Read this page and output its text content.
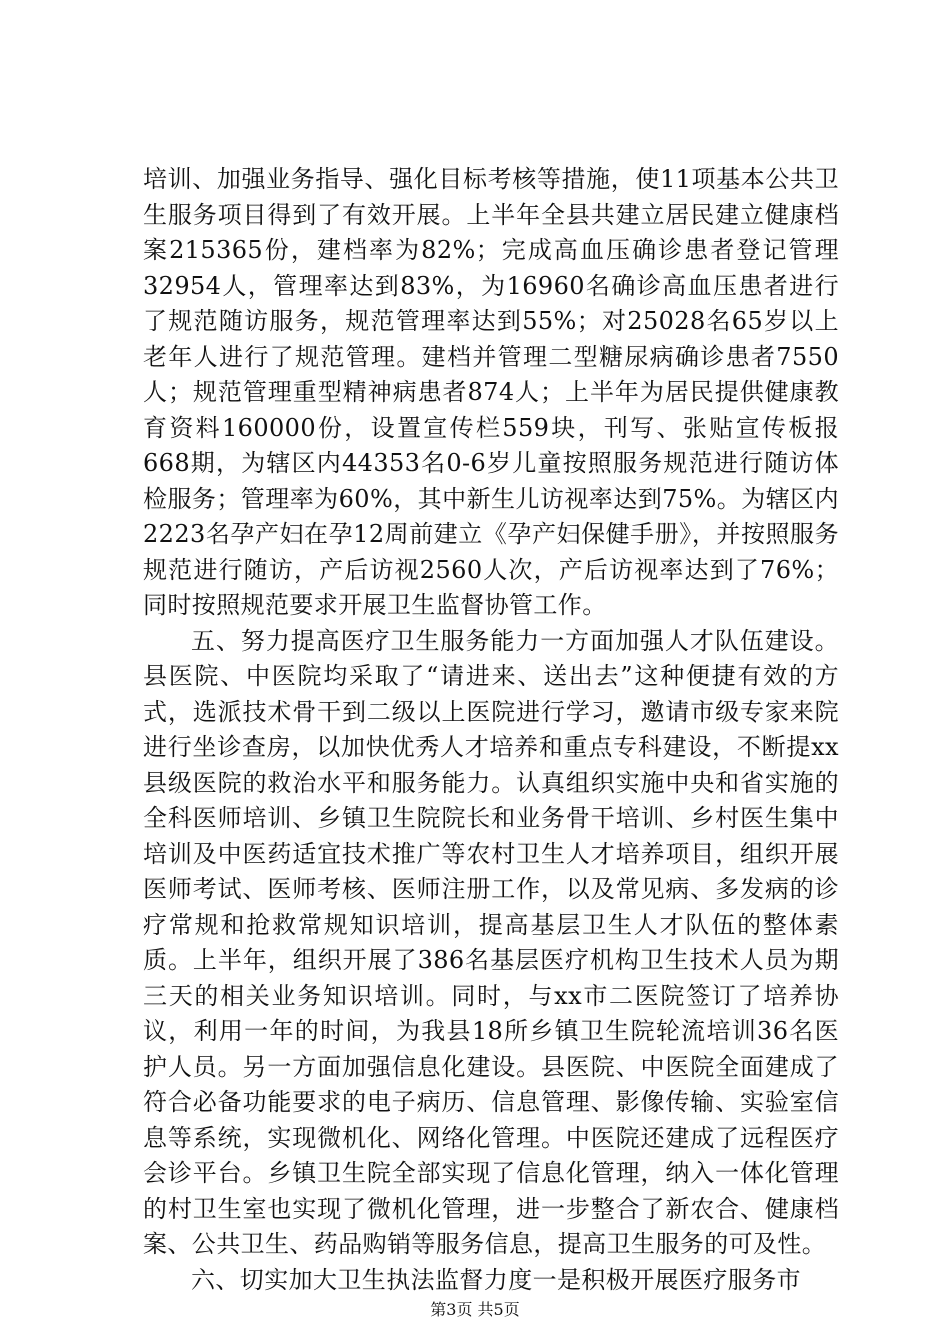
培训、加强业务指导、强化目标考核等措施，使11项基本公共卫生服务项目得到了有效开展。上半年全县共建立居民建立健康档案215365份，建档率为82%；完成高血压确诊患者登记管理32954人，管理率达到83%，为16960名确诊高血压患者进行了规范随访服务，规范管理率达到55%；对25028名65岁以上老年人进行了规范管理。建档并管理二型糖尿病确诊患者7550人；规范管理重型精神病患者874人；上半年为居民提供健康教育资料160000份，设置宣传栏559块，刊写、张贴宣传板报668期，为辖区内44353名0-6岁儿童按照服务规范进行随访体检服务；管理率为60%，其中新生儿访视率达到75%。为辖区内2223名孕产妇在孕12周前建立《孕产妇保健手册》，并按照服务规范进行随访，产后访视2560人次，产后访视率达到了76%；同时按照规范要求开展卫生监督协管工作。

五、努力提高医疗卫生服务能力一方面加强人才队伍建设。县医院、中医院均采取了“请进来、送出去”这种便捷有效的方式，选派技术骨干到二级以上医院进行学习，邀请市级专家来院进行坐诊查房，以加快优秀人才培养和重点专科建设，不断提xx县级医院的救治水平和服务能力。认真组织实施中央和省实施的全科医师培训、乡镇卫生院院长和业务骨干培训、乡村医生集中培训及中医药适宜技术推广等农村卫生人才培养项目，组织开展医师考试、医师考核、医师注册工作，以及常见病、多发病的诊疗常规和抢救常规知识培训，提高基层卫生人才队伍的整体素质。上半年，组织开展了386名基层医疗机构卫生技术人员为期三天的相关业务知识培训。同时，与xx市二医院签订了培养协议，利用一年的时间，为我县18所乡镇卫生院轮流培训36名医护人员。另一方面加强信息化建设。县医院、中医院全面建成了符合必备功能要求的电子病历、信息管理、影像传输、实验室信息等系统，实现微机化、网络化管理。中医院还建成了远程医疗会诊平台。乡镇卫生院全部实现了信息化管理，纳入一体化管理的村卫生室也实现了微机化管理，进一步整合了新农合、健康档案、公共卫生、药品购销等服务信息，提高卫生服务的可及性。

六、切实加大卫生执法监督力度一是积极开展医疗服务市

第3页 共5页
